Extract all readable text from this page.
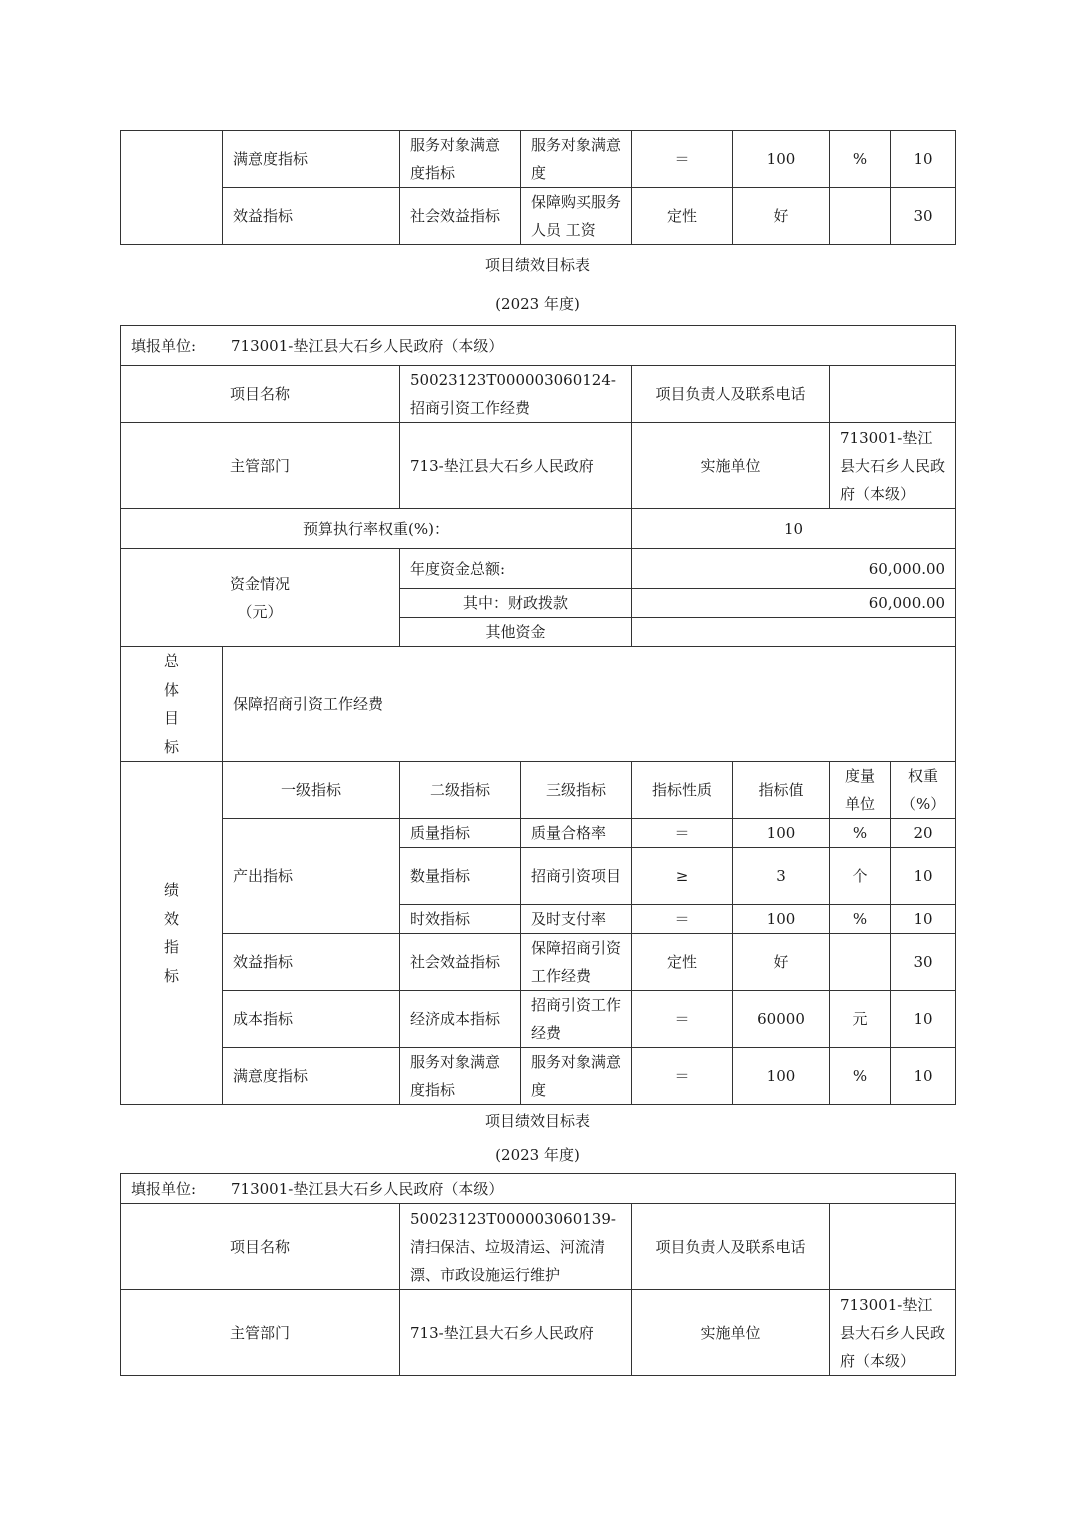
	满意度指标	服务对象满意度指标	服务对象满意度	＝	100	%	10
	效益指标	社会效益指标	保障购买服务人员 工资	定性	好		30
项目绩效目标表
(2023 年度)
填报单位: 713001-垫江县大石乡人民政府（本级）							
项目名称		50023123T000003060124-招商引资工作经费		项目负责人及联系电话			
主管部门		713-垫江县大石乡人民政府		实施单位		713001-垫江县大石乡人民政府（本级）	
预算执行率权重(%)：				10			

资金情况
（元）		年度资金总额:		60,000.00			
		其中：财政拨款		60,000.00			
		其他资金					

总
体
目
标	保障招商引资工作经费						

绩
效
指
标	一级指标	二级指标	三级指标	指标性质	指标值	度量单位	权重（%）
	产出指标	质量指标	质量合格率	＝	100	%	20
		数量指标	招商引资项目	≥	3	个	10
		时效指标	及时支付率	＝	100	%	10
	效益指标	社会效益指标	保障招商引资工作经费	定性	好		30
	成本指标	经济成本指标	招商引资工作经费	＝	60000	元	10
	满意度指标	服务对象满意度指标	服务对象满意度	＝	100	%	10
项目绩效目标表
(2023 年度)
填报单位: 713001-垫江县大石乡人民政府（本级）			
项目名称	50023123T000003060139-清扫保洁、垃圾清运、河流清漂、市政设施运行维护	项目负责人及联系电话	
主管部门	713-垫江县大石乡人民政府	实施单位	713001-垫江县大石乡人民政府（本级）
